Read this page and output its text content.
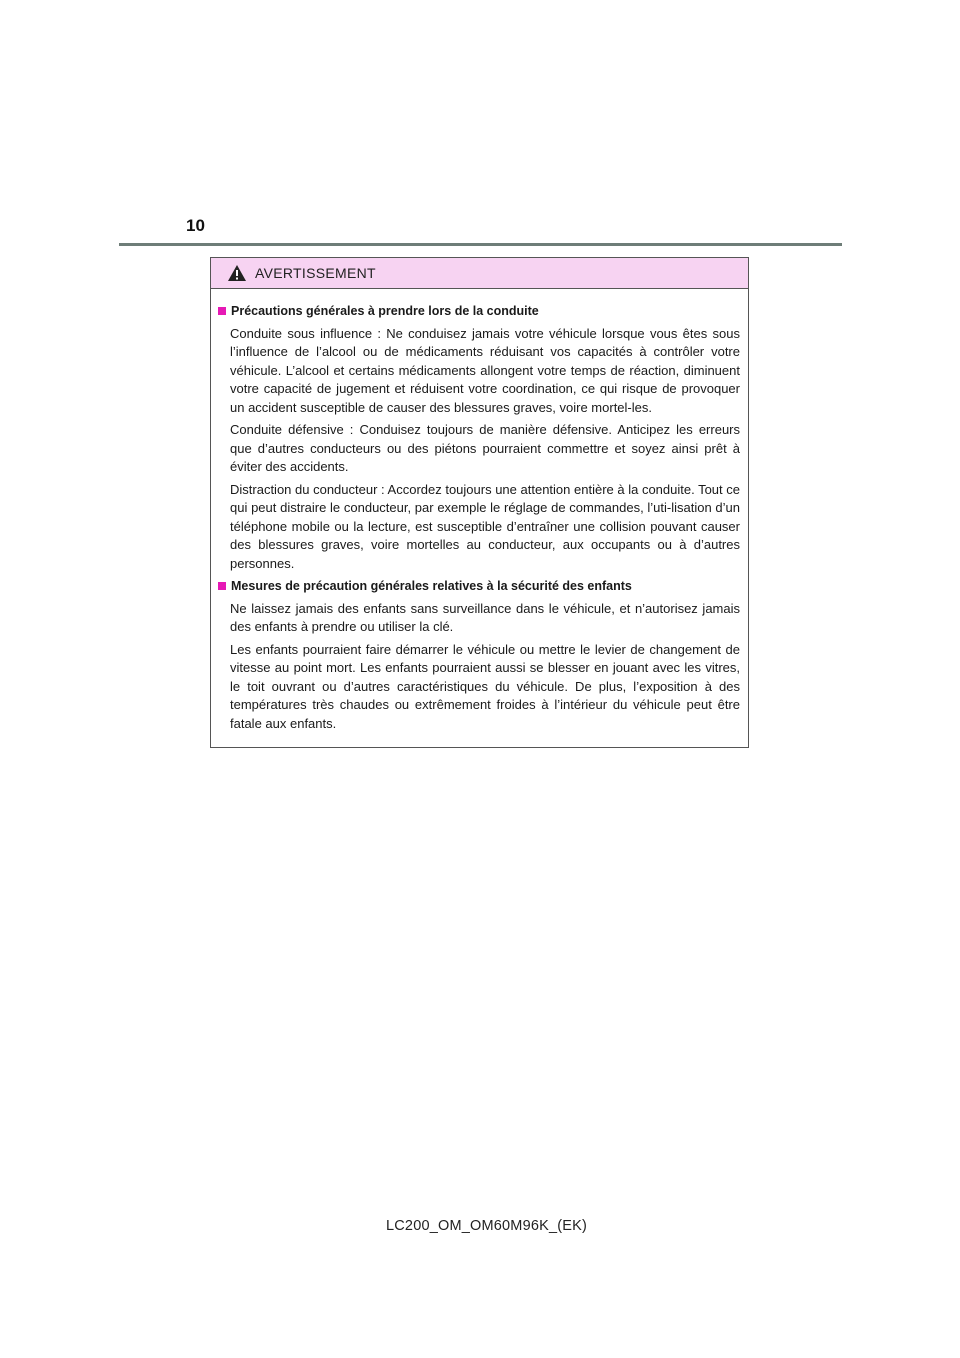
10
AVERTISSEMENT
Précautions générales à prendre lors de la conduite

Conduite sous influence : Ne conduisez jamais votre véhicule lorsque vous êtes sous l’influence de l’alcool ou de médicaments réduisant vos capacités à contrôler votre véhicule. L’alcool et certains médicaments allongent votre temps de réaction, diminuent votre capacité de jugement et réduisent votre coordination, ce qui risque de provoquer un accident susceptible de causer des blessures graves, voire mortel-les.

Conduite défensive : Conduisez toujours de manière défensive. Anticipez les erreurs que d’autres conducteurs ou des piétons pourraient commettre et soyez ainsi prêt à éviter des accidents.

Distraction du conducteur : Accordez toujours une attention entière à la conduite. Tout ce qui peut distraire le conducteur, par exemple le réglage de commandes, l’uti-lisation d’un téléphone mobile ou la lecture, est susceptible d’entraîner une collision pouvant causer des blessures graves, voire mortelles au conducteur, aux occupants ou à d’autres personnes.

Mesures de précaution générales relatives à la sécurité des enfants

Ne laissez jamais des enfants sans surveillance dans le véhicule, et n’autorisez jamais des enfants à prendre ou utiliser la clé.

Les enfants pourraient faire démarrer le véhicule ou mettre le levier de changement de vitesse au point mort. Les enfants pourraient aussi se blesser en jouant avec les vitres, le toit ouvrant ou d’autres caractéristiques du véhicule. De plus, l’exposition à des températures très chaudes ou extrêmement froides à l’intérieur du véhicule peut être fatale aux enfants.

LC200_OM_OM60M96K_(EK)
